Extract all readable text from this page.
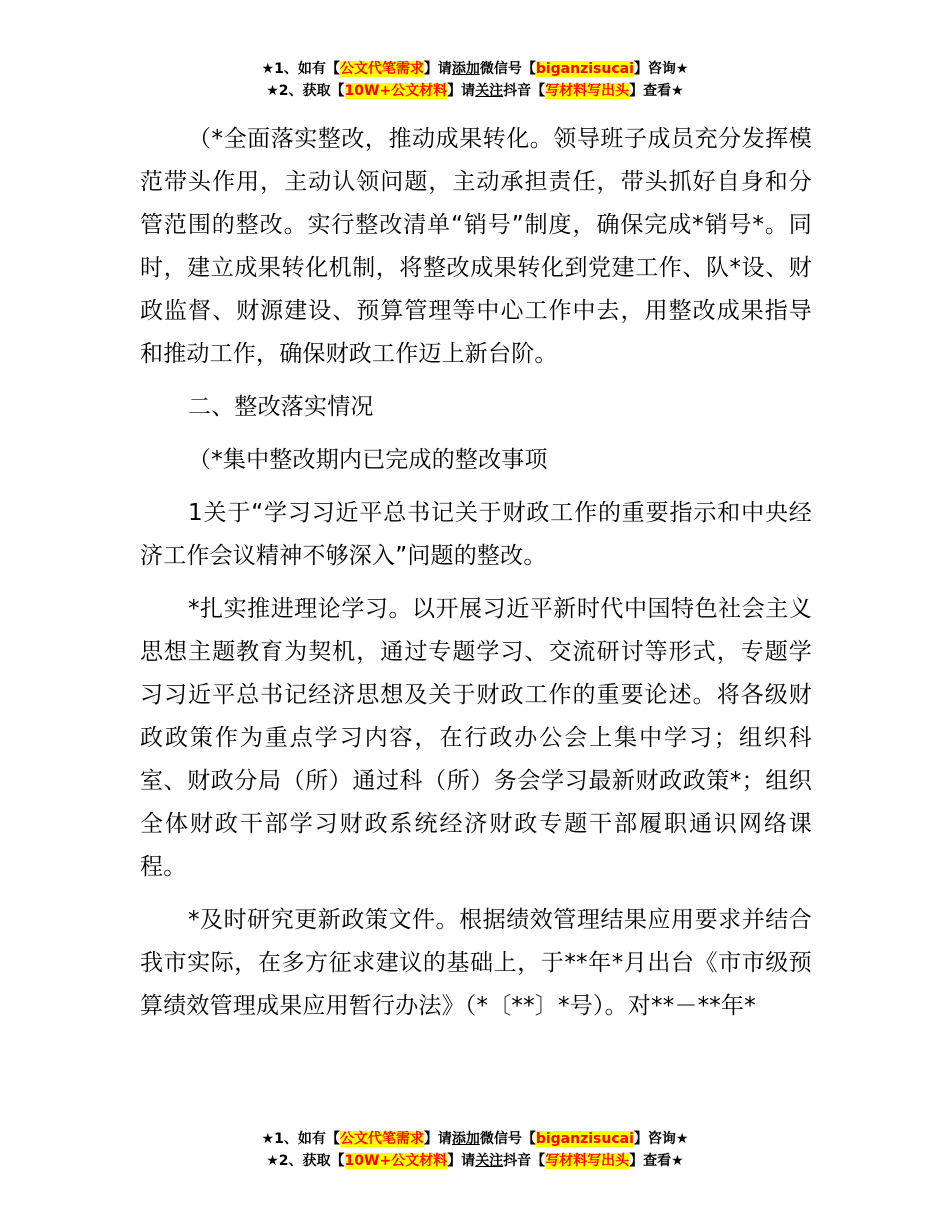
★1、如有【公文代笔需求】请添加微信号【biganzisucai】咨询★
★2、获取【10W+公文材料】请关注抖音【写材料写出头】查看★

（*全面落实整改，推动成果转化。领导班子成员充分发挥模范带头作用，主动认领问题，主动承担责任，带头抓好自身和分管范围的整改。实行整改清单“销号”制度，确保完成*销号*。同时，建立成果转化机制，将整改成果转化到党建工作、队*设、财政监督、财源建设、预算管理等中心工作中去，用整改成果指导和推动工作，确保财政工作迈上新台阶。

二、整改落实情况

（*集中整改期内已完成的整改事项

1关于“学习习近平总书记关于财政工作的重要指示和中央经济工作会议精神不够深入”问题的整改。

*扎实推进理论学习。以开展习近平新时代中国特色社会主义思想主题教育为契机，通过专题学习、交流研讨等形式，专题学习习近平总书记经济思想及关于财政工作的重要论述。将各级财政政策作为重点学习内容，在行政办公会上集中学习；组织科室、财政分局（所）通过科（所）务会学习最新财政政策*；组织全体财政干部学习财政系统经济财政专题干部履职通识网络课程。

*及时研究更新政策文件。根据绩效管理结果应用要求并结合我市实际，在多方征求建议的基础上，于**年*月出台《市市级预算绩效管理成果应用暂行办法》（*〔**〕*号）。对**－**年*

★1、如有【公文代笔需求】请添加微信号【biganzisucai】咨询★
★2、获取【10W+公文材料】请关注抖音【写材料写出头】查看★
